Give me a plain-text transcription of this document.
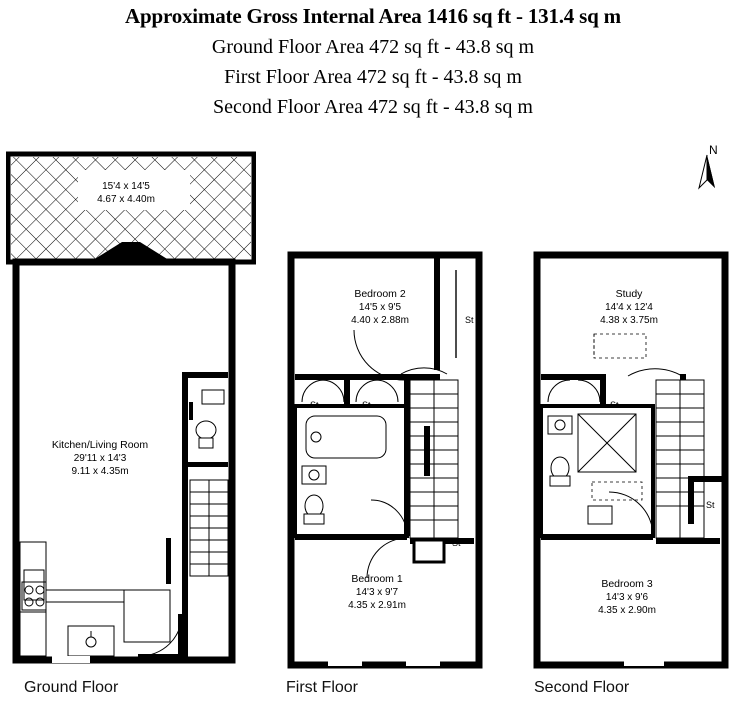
Approximate Gross Internal Area 1416 sq ft - 131.4 sq m
Ground Floor Area 472 sq ft - 43.8 sq m
First Floor Area 472 sq ft - 43.8 sq m
Second Floor Area 472 sq ft - 43.8 sq m
N
15'4 x 14'5
4.67 x 4.40m
Kitchen/Living Room
29'11 x 14'3
9.11 x 4.35m
Bedroom 2
14'5 x 9'5
4.40 x 2.88m
Bedroom 1
14'3 x 9'7
4.35 x 2.91m
St
St	St
St
Study
14'4 x 12'4
4.38 x 3.75m
Bedroom 3
14'3 x 9'6
4.35 x 2.90m
St
St
Ground Floor	First Floor	Second Floor
